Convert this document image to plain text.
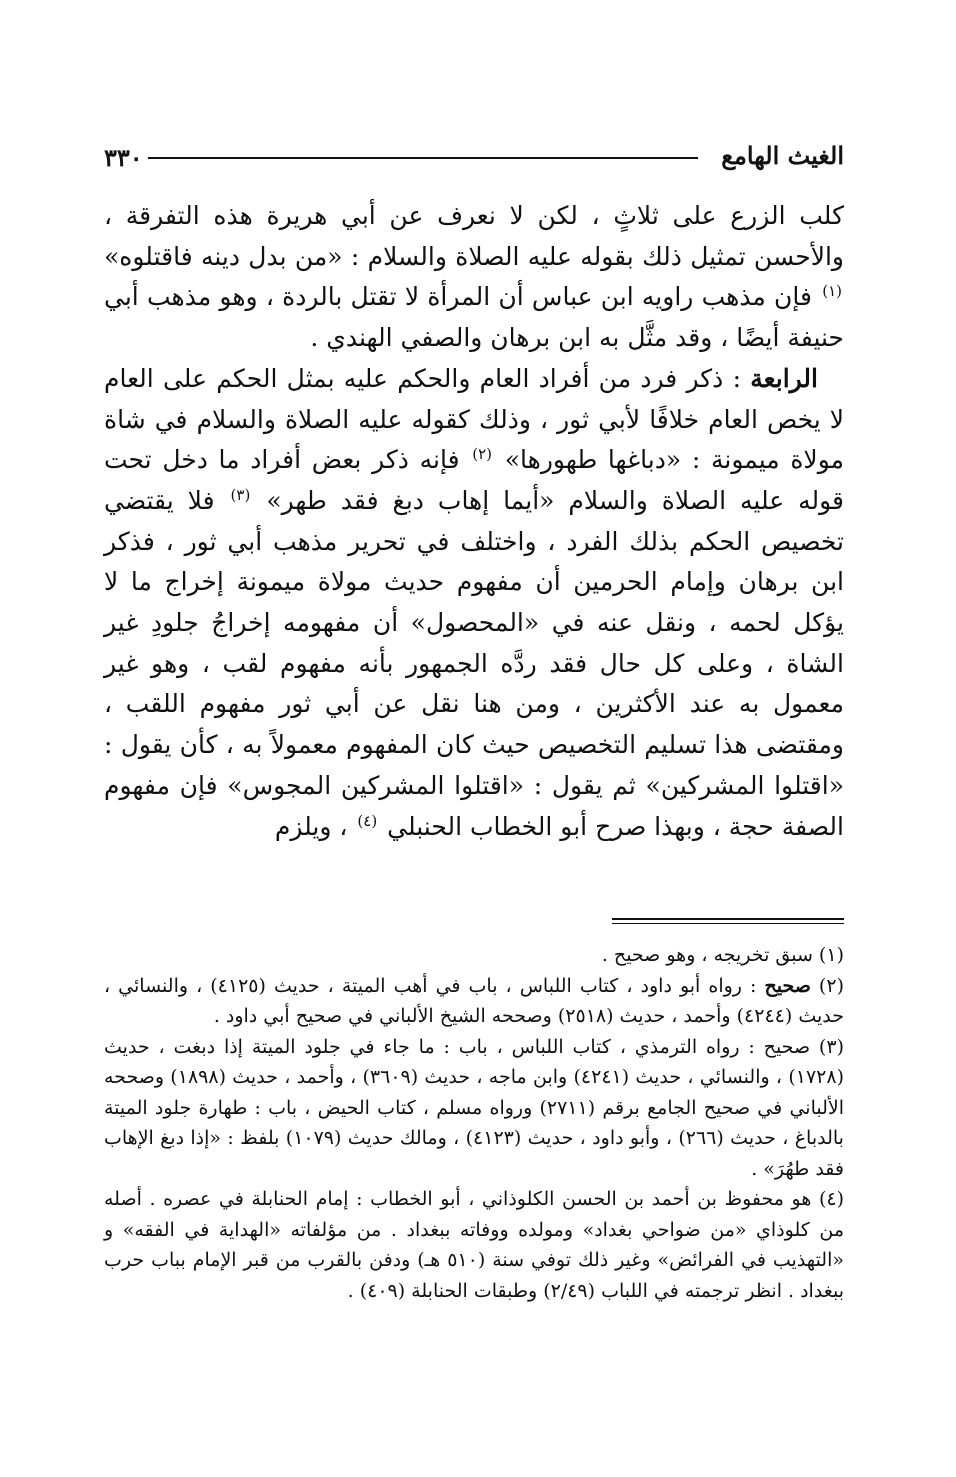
٣٣٠	الغيث الهامع

كلب الزرع على ثلاثٍ ، لكن لا نعرف عن أبي هريرة هذه التفرقة ، والأحسن تمثيل ذلك بقوله عليه الصلاة والسلام : «من بدل دينه فاقتلوه» $^{(١)}$ فإن مذهب راويه ابن عباس أن المرأة لا تقتل بالردة ، وهو مذهب أبي حنيفة أيضًا ، وقد مثَّل به ابن برهان والصفي الهندي .

الرابعة : ذكر فرد من أفراد العام والحكم عليه بمثل الحكم على العام لا يخص العام خلافًا لأبي ثور ، وذلك كقوله عليه الصلاة والسلام في شاة مولاة ميمونة : «دباغها طهورها» $^{(٢)}$ فإنه ذكر بعض أفراد ما دخل تحت قوله عليه الصلاة والسلام «أيما إهاب دبغ فقد طهر» $^{(٣)}$ فلا يقتضي تخصيص الحكم بذلك الفرد ، واختلف في تحرير مذهب أبي ثور ، فذكر ابن برهان وإمام الحرمين أن مفهوم حديث مولاة ميمونة إخراج ما لا يؤكل لحمه ، ونقل عنه في «المحصول» أن مفهومه إخراجُ جلودِ غير الشاة ، وعلى كل حال فقد ردَّه الجمهور بأنه مفهوم لقب ، وهو غير معمول به عند الأكثرين ، ومن هنا نقل عن أبي ثور مفهوم اللقب ، ومقتضى هذا تسليم التخصيص حيث كان المفهوم معمولاً به ، كأن يقول : «اقتلوا المشركين» ثم يقول : «اقتلوا المشركين المجوس» فإن مفهوم الصفة حجة ، وبهذا صرح أبو الخطاب الحنبلي $^{(٤)}$ ، ويلزم

(١) سبق تخريجه ، وهو صحيح .

(٢) صحيح : رواه أبو داود ، كتاب اللباس ، باب في أهب الميتة ، حديث (٤١٢٥) ، والنسائي ، حديث (٤٢٤٤) وأحمد ، حديث (٢٥١٨) وصححه الشيخ الألباني في صحيح أبي داود .

(٣) صحيح : رواه الترمذي ، كتاب اللباس ، باب : ما جاء في جلود الميتة إذا دبغت ، حديث (١٧٢٨) ، والنسائي ، حديث (٤٢٤١) وابن ماجه ، حديث (٣٦٠٩) ، وأحمد ، حديث (١٨٩٨) وصححه الألباني في صحيح الجامع برقم (٢٧١١) ورواه مسلم ، كتاب الحيض ، باب : طهارة جلود الميتة بالدباغ ، حديث (٢٦٦) ، وأبو داود ، حديث (٤١٢٣) ، ومالك حديث (١٠٧٩) بلفظ : «إذا دبغ الإهاب فقد طهُرَ» .

(٤) هو محفوظ بن أحمد بن الحسن الكلوذاني ، أبو الخطاب : إمام الحنابلة في عصره . أصله من كلوذاي «من ضواحي بغداد» ومولده ووفاته ببغداد . من مؤلفاته «الهداية في الفقه» و «التهذيب في الفرائض» وغير ذلك توفي سنة (٥١٠ هـ) ودفن بالقرب من قبر الإمام بباب حرب ببغداد . انظر ترجمته في اللباب (٢/٤٩) وطبقات الحنابلة (٤٠٩) .
